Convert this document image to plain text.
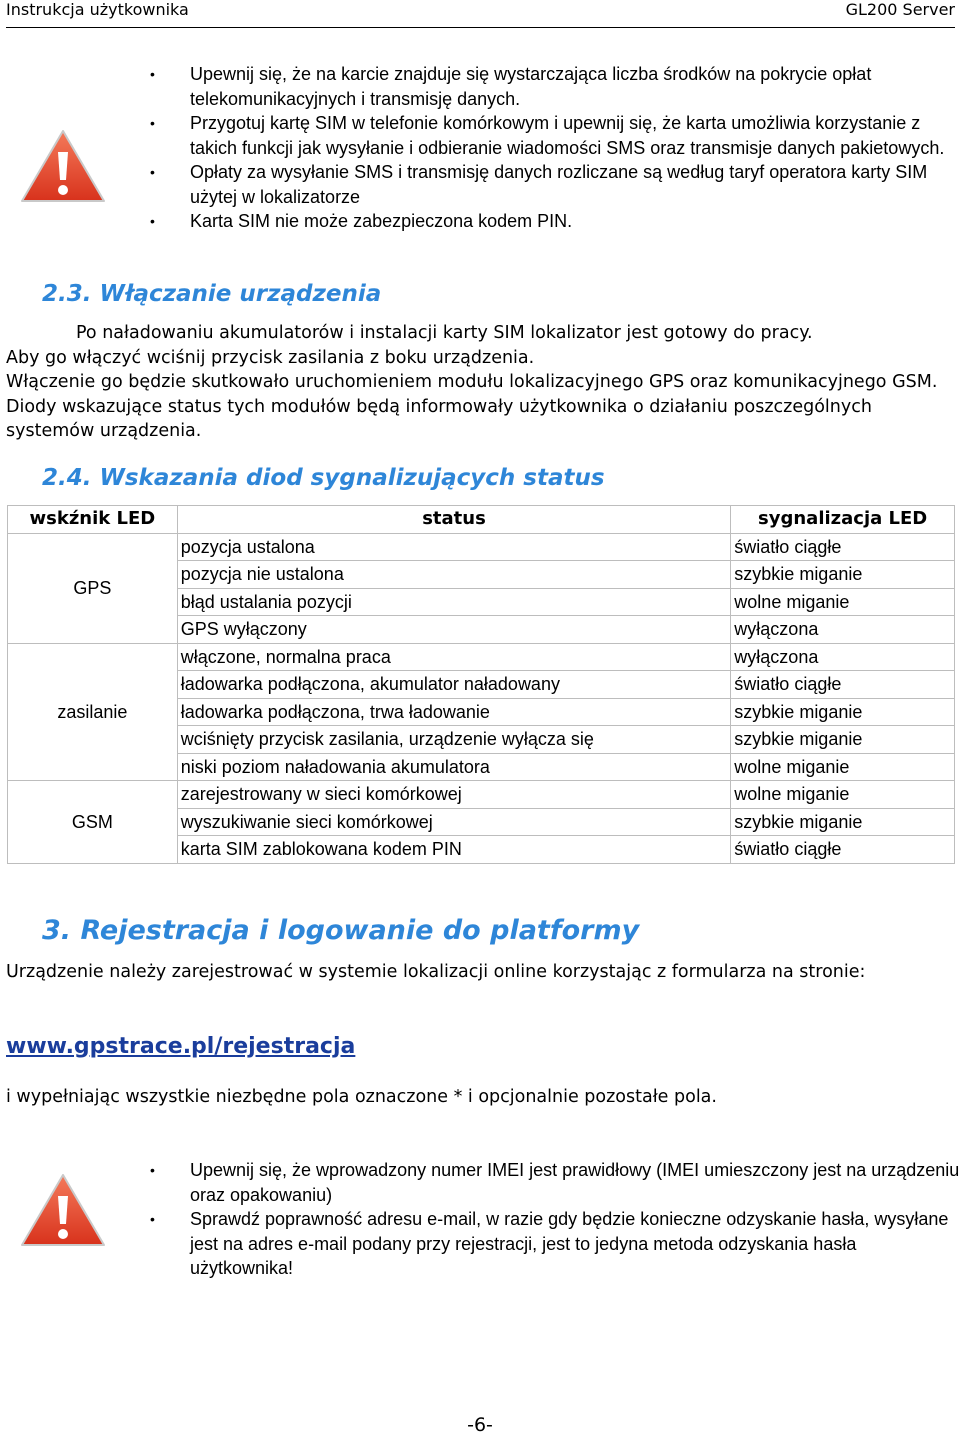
Instrukcja użytkownika	GL200 Server
• Upewnij się, że na karcie znajduje się wystarczająca liczba środków na pokrycie opłat telekomunikacyjnych i transmisję danych.
• Przygotuj kartę SIM w telefonie komórkowym i upewnij się, że karta umożliwia korzystanie z takich funkcji jak wysyłanie i odbieranie wiadomości SMS oraz transmisje danych pakietowych.
• Opłaty za wysyłanie SMS i transmisję danych rozliczane są według taryf operatora karty SIM użytej w lokalizatorze
• Karta SIM nie może zabezpieczona kodem PIN.
2.3. Włączanie urządzenia

Po naładowaniu akumulatorów i instalacji karty SIM lokalizator jest gotowy do pracy.

Aby go włączyć wciśnij przycisk zasilania z boku urządzenia.

Włączenie go będzie skutkowało uruchomieniem modułu lokalizacyjnego GPS oraz komunikacyjnego GSM. Diody wskazujące status tych modułów będą informowały użytkownika o działaniu poszczególnych systemów urządzenia.

2.4. Wskazania diod sygnalizujących status
wskźnik LED	status	sygnalizacja LED
GPS	pozycja ustalona	światło ciągłe
	pozycja nie ustalona	szybkie miganie
	błąd ustalania pozycji	wolne miganie
	GPS wyłączony	wyłączona
zasilanie	włączone, normalna praca	wyłączona
	ładowarka podłączona, akumulator naładowany	światło ciągłe
	ładowarka podłączona, trwa ładowanie	szybkie miganie
	wciśnięty przycisk zasilania, urządzenie wyłącza się	szybkie miganie
	niski poziom naładowania akumulatora	wolne miganie
GSM	zarejestrowany w sieci komórkowej	wolne miganie
	wyszukiwanie sieci komórkowej	szybkie miganie
	karta SIM zablokowana kodem PIN	światło ciągłe
3. Rejestracja i logowanie do platformy
Urządzenie należy zarejestrować w systemie lokalizacji online korzystając z formularza na stronie:
www.gpstrace.pl/rejestracja
i wypełniając wszystkie niezbędne pola oznaczone * i opcjonalnie pozostałe pola.
• Upewnij się, że wprowadzony numer IMEI jest prawidłowy (IMEI umieszczony jest na urządzeniu oraz opakowaniu)
• Sprawdź poprawność adresu e-mail, w razie gdy będzie konieczne odzyskanie hasła, wysyłane jest na adres e-mail podany przy rejestracji, jest to jedyna metoda odzyskania hasła użytkownika!
-6-
